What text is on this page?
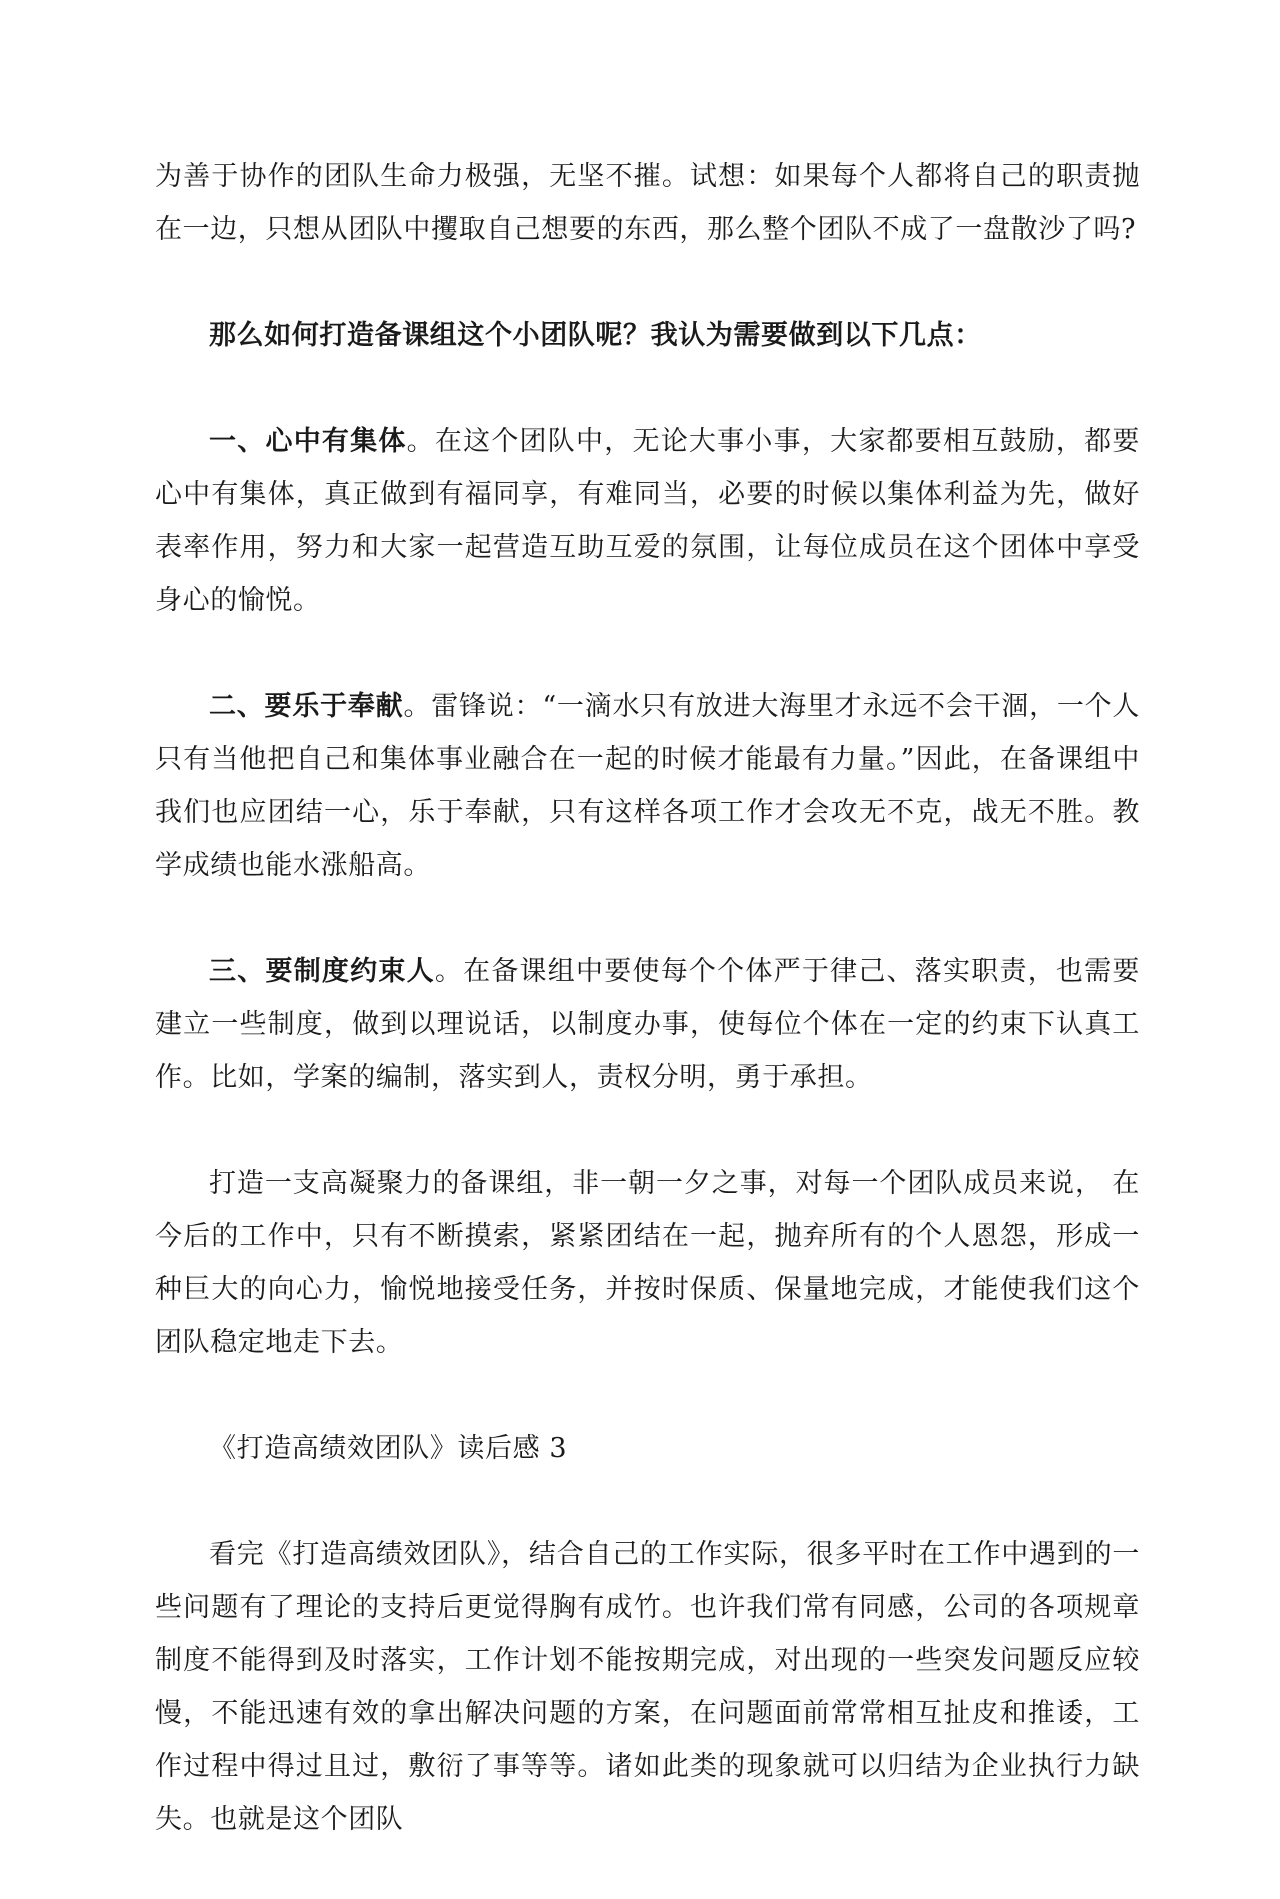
为善于协作的团队生命力极强，无坚不摧。试想：如果每个人都将自己的职责抛在一边，只想从团队中攫取自己想要的东西，那么整个团队不成了一盘散沙了吗?

那么如何打造备课组这个小团队呢？我认为需要做到以下几点：

一、心中有集体。在这个团队中，无论大事小事，大家都要相互鼓励，都要心中有集体，真正做到有福同享，有难同当，必要的时候以集体利益为先，做好表率作用，努力和大家一起营造互助互爱的氛围，让每位成员在这个团体中享受身心的愉悦。

二、要乐于奉献。雷锋说：“一滴水只有放进大海里才永远不会干涸，一个人只有当他把自己和集体事业融合在一起的时候才能最有力量。”因此，在备课组中我们也应团结一心，乐于奉献，只有这样各项工作才会攻无不克，战无不胜。教学成绩也能水涨船高。

三、要制度约束人。在备课组中要使每个个体严于律己、落实职责，也需要建立一些制度，做到以理说话，以制度办事，使每位个体在一定的约束下认真工作。比如，学案的编制，落实到人，责权分明，勇于承担。

打造一支高凝聚力的备课组，非一朝一夕之事，对每一个团队成员来说， 在今后的工作中，只有不断摸索，紧紧团结在一起，抛弃所有的个人恩怨，形成一种巨大的向心力，愉悦地接受任务，并按时保质、保量地完成，才能使我们这个团队稳定地走下去。

《打造高绩效团队》读后感 3

看完《打造高绩效团队》，结合自己的工作实际，很多平时在工作中遇到的一些问题有了理论的支持后更觉得胸有成竹。也许我们常有同感，公司的各项规章制度不能得到及时落实，工作计划不能按期完成，对出现的一些突发问题反应较慢，不能迅速有效的拿出解决问题的方案，在问题面前常常相互扯皮和推诿，工作过程中得过且过，敷衍了事等等。诸如此类的现象就可以归结为企业执行力缺失。也就是这个团队
